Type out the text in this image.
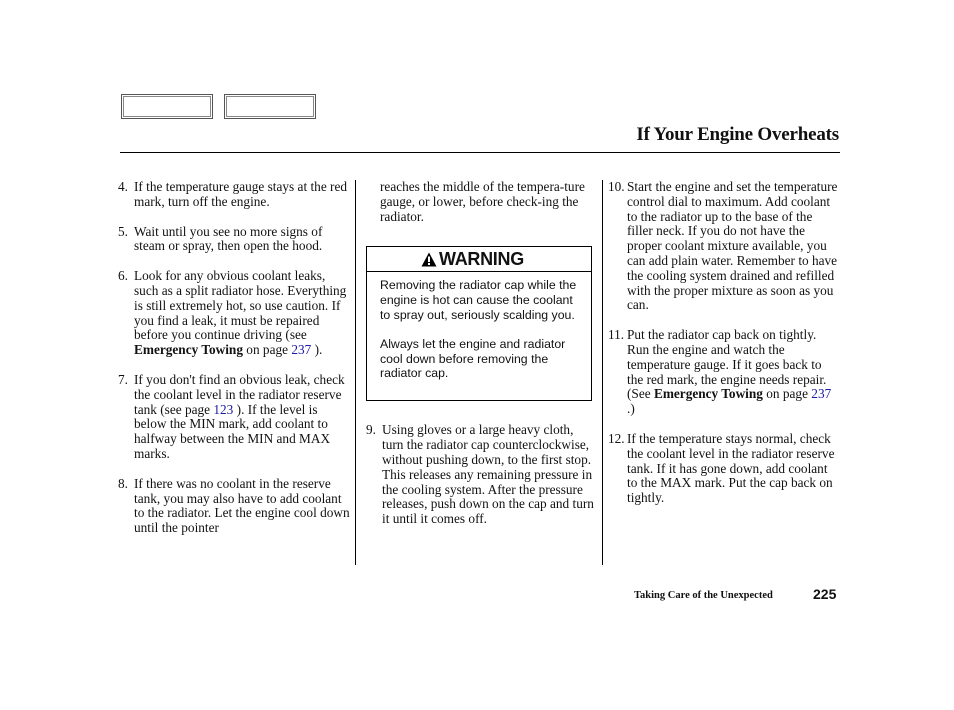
If Your Engine Overheats
4. If the temperature gauge stays at the red mark, turn off the engine.
5. Wait until you see no more signs of steam or spray, then open the hood.
6. Look for any obvious coolant leaks, such as a split radiator hose. Everything is still extremely hot, so use caution. If you find a leak, it must be repaired before you continue driving (see Emergency Towing on page 237 ).
7. If you don't find an obvious leak, check the coolant level in the radiator reserve tank (see page 123 ). If the level is below the MIN mark, add coolant to halfway between the MIN and MAX marks.
8. If there was no coolant in the reserve tank, you may also have to add coolant to the radiator. Let the engine cool down until the pointer
reaches the middle of the tempera-ture gauge, or lower, before check-ing the radiator.
WARNING

Removing the radiator cap while the engine is hot can cause the coolant to spray out, seriously scalding you.

Always let the engine and radiator cool down before removing the radiator cap.

9. Using gloves or a large heavy cloth, turn the radiator cap counterclockwise, without pushing down, to the first stop. This releases any remaining pressure in the cooling system. After the pressure releases, push down on the cap and turn it until it comes off.
10. Start the engine and set the temperature control dial to maximum. Add coolant to the radiator up to the base of the filler neck. If you do not have the proper coolant mixture available, you can add plain water. Remember to have the cooling system drained and refilled with the proper mixture as soon as you can.
11. Put the radiator cap back on tightly. Run the engine and watch the temperature gauge. If it goes back to the red mark, the engine needs repair. (See Emergency Towing on page 237 .)
12. If the temperature stays normal, check the coolant level in the radiator reserve tank. If it has gone down, add coolant to the MAX mark. Put the cap back on tightly.
Taking Care of the Unexpected	225
